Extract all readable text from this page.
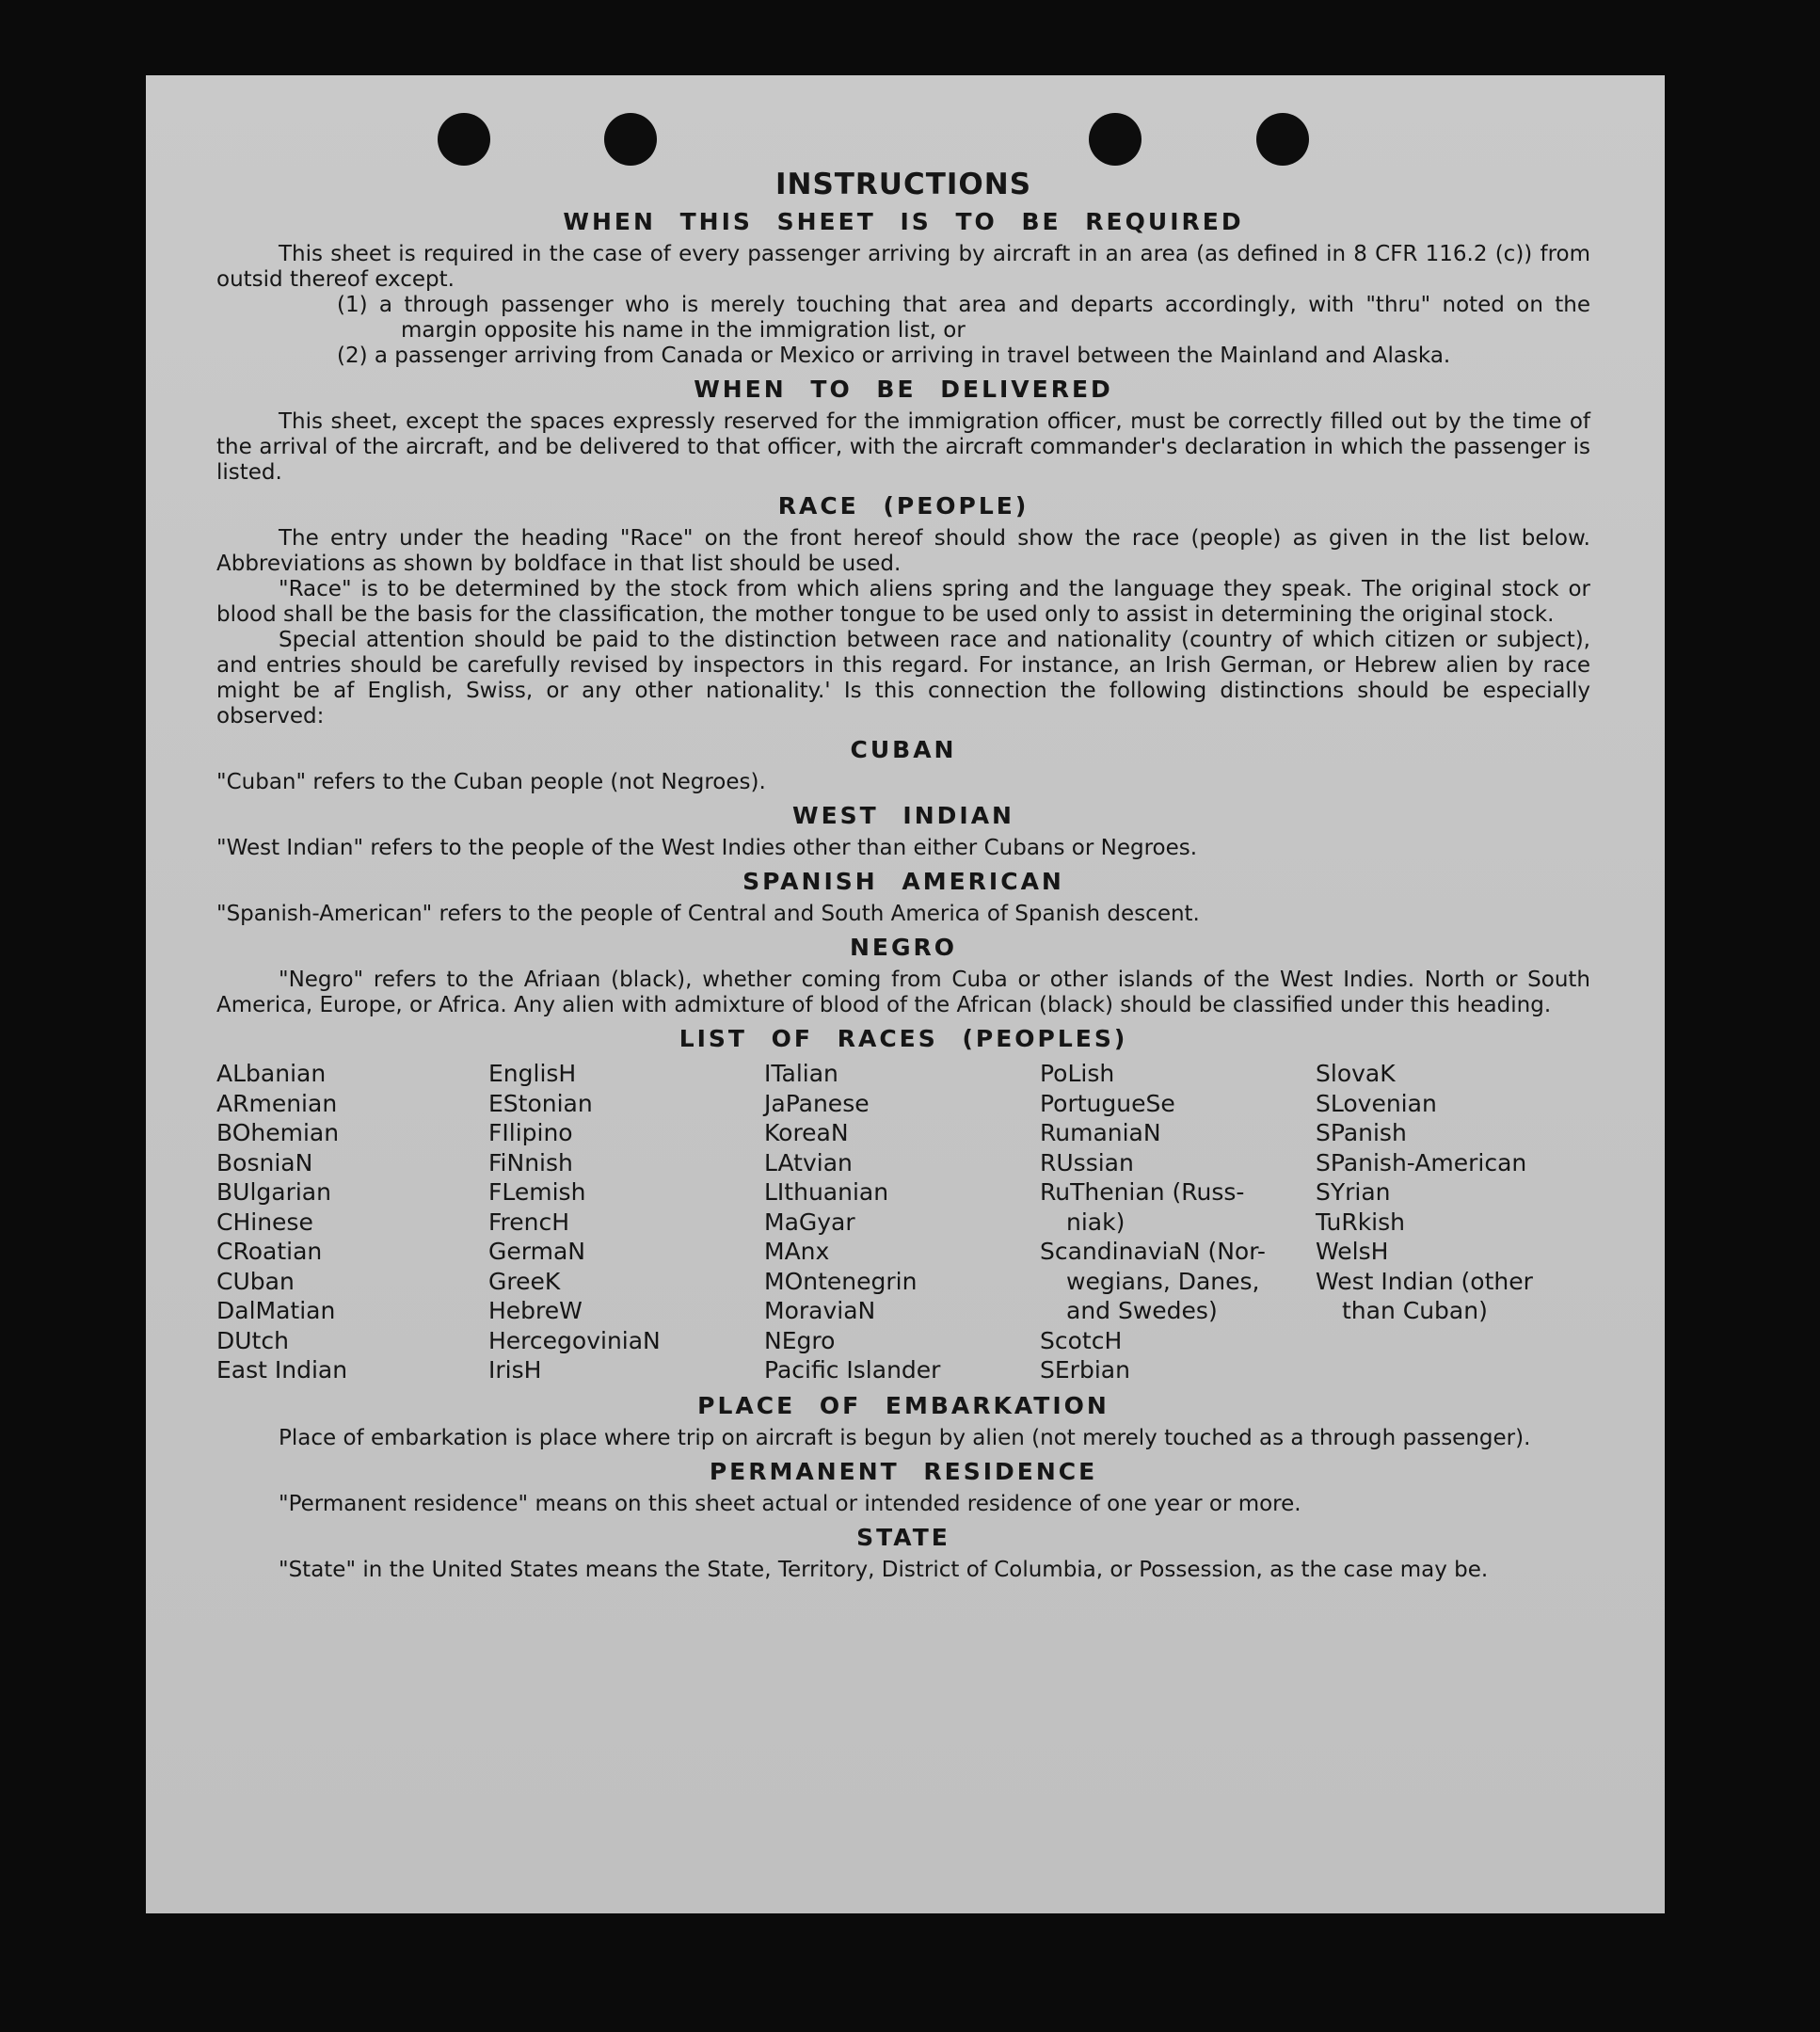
INSTRUCTIONS
WHEN THIS SHEET IS TO BE REQUIRED

This sheet is required in the case of every passenger arriving by aircraft in an area (as defined in 8 CFR 116.2 (c)) from outsid thereof except.

(1) a through passenger who is merely touching that area and departs accordingly, with "thru" noted on the margin opposite his name in the immigration list, or

(2) a passenger arriving from Canada or Mexico or arriving in travel between the Mainland and Alaska.

WHEN TO BE DELIVERED

This sheet, except the spaces expressly reserved for the immigration officer, must be correctly filled out by the time of the arrival of the aircraft, and be delivered to that officer, with the aircraft commander's declaration in which the passenger is listed.

RACE (PEOPLE)

The entry under the heading "Race" on the front hereof should show the race (people) as given in the list below. Abbreviations as shown by boldface in that list should be used.

"Race" is to be determined by the stock from which aliens spring and the language they speak. The original stock or blood shall be the basis for the classification, the mother tongue to be used only to assist in determining the original stock.

Special attention should be paid to the distinction between race and nationality (country of which citizen or subject), and entries should be carefully revised by inspectors in this regard. For instance, an Irish German, or Hebrew alien by race might be af English, Swiss, or any other nationality.' Is this connection the following distinctions should be especially observed:

CUBAN

"Cuban" refers to the Cuban people (not Negroes).

WEST INDIAN

"West Indian" refers to the people of the West Indies other than either Cubans or Negroes.

SPANISH AMERICAN

"Spanish-American" refers to the people of Central and South America of Spanish descent.

NEGRO

"Negro" refers to the Afriaan (black), whether coming from Cuba or other islands of the West Indies. North or South America, Europe, or Africa. Any alien with admixture of blood of the African (black) should be classified under this heading.

LIST OF RACES (PEOPLES)
ALbanian
ARmenian
BOhemian
BosniaN
BUlgarian
CHinese
CRoatian
CUban
DalMatian
DUtch
East Indian
EnglisH
EStonian
FIlipino
FiNnish
FLemish
FrencH
GermaN
GreeK
HebreW
HercegoviniaN
IrisH
ITalian
JaPanese
KoreaN
LAtvian
LIthuanian
MaGyar
MAnx
MOntenegrin
MoraviaN
NEgro
Pacific Islander
PoLish
PortugueSe
RumaniaN
RUssian
RuThenian (Russ-
niak)
ScandinaviaN (Nor-
wegians, Danes,
and Swedes)
ScotcH
SErbian
SlovaK
SLovenian
SPanish
SPanish-American
SYrian
TuRkish
WelsH
West Indian (other
than Cuban)
PLACE OF EMBARKATION

Place of embarkation is place where trip on aircraft is begun by alien (not merely touched as a through passenger).

PERMANENT RESIDENCE

"Permanent residence" means on this sheet actual or intended residence of one year or more.

STATE

"State" in the United States means the State, Territory, District of Columbia, or Possession, as the case may be.
